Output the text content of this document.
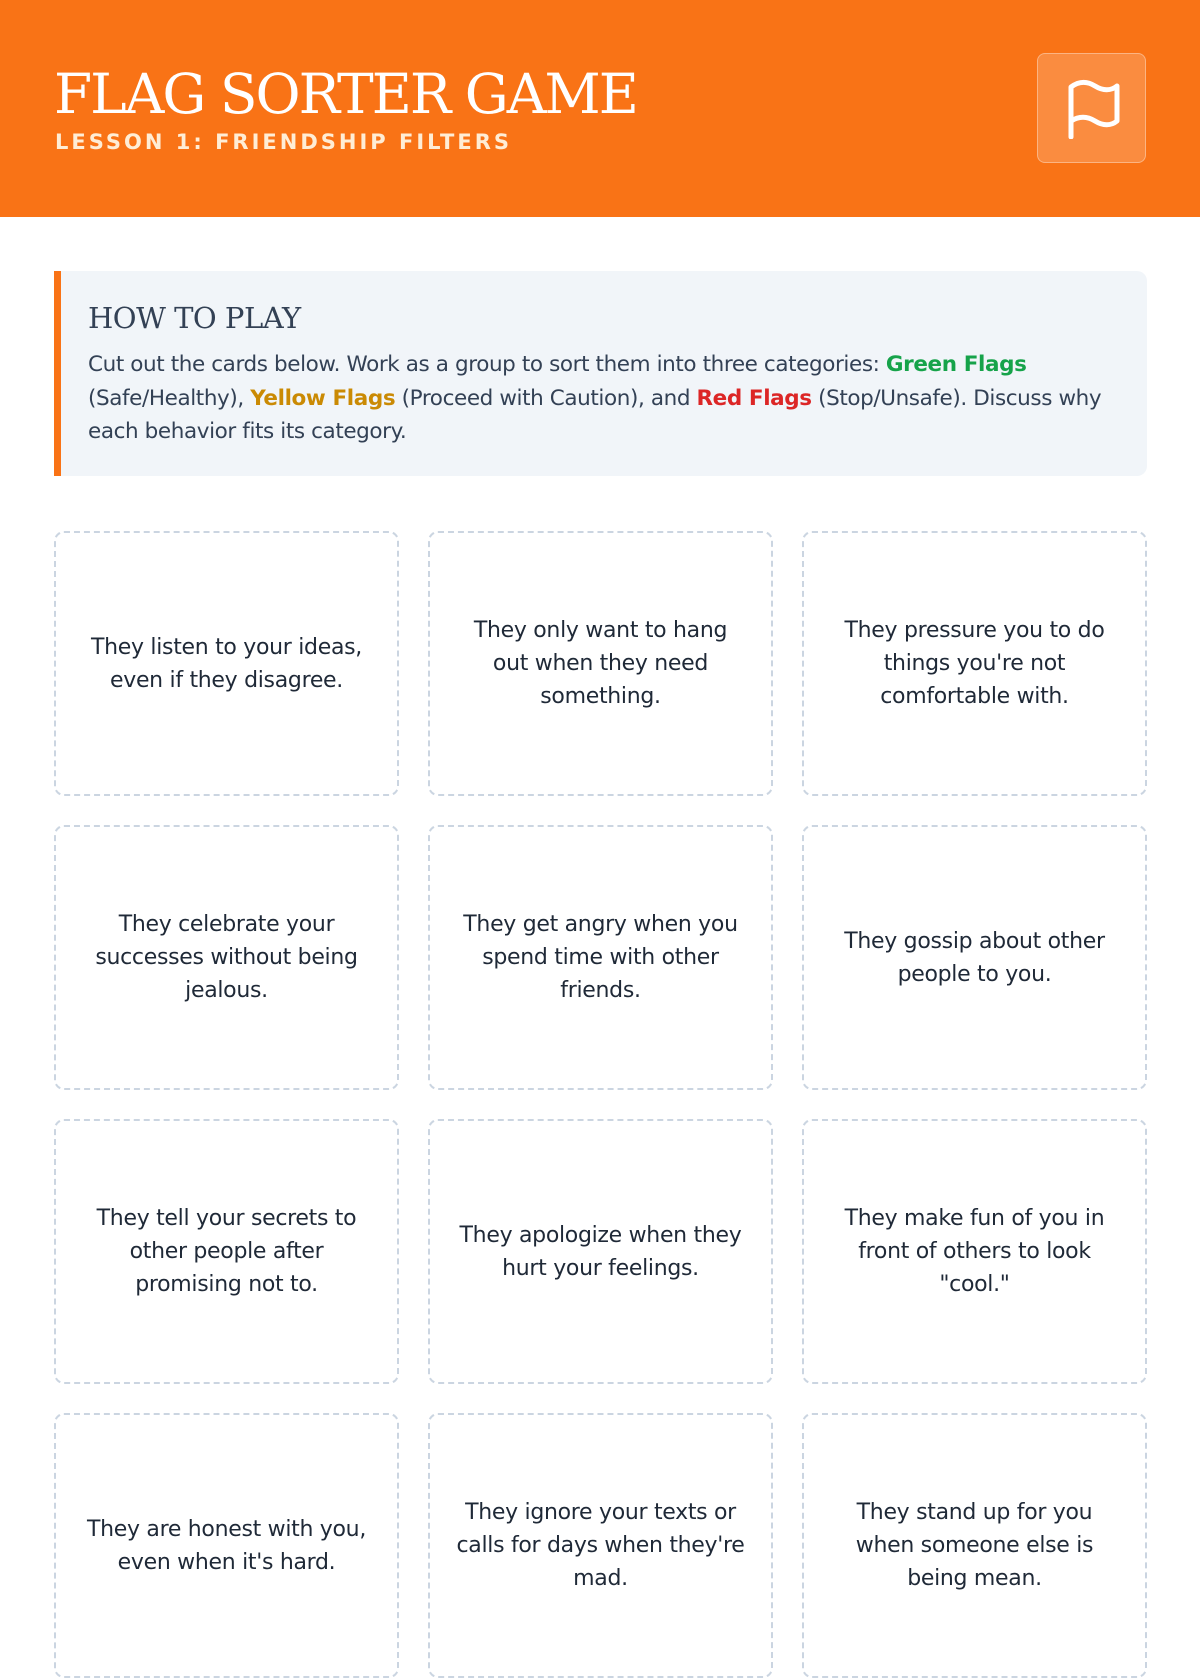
FLAG SORTER GAME
LESSON 1: FRIENDSHIP FILTERS
HOW TO PLAY

Cut out the cards below. Work as a group to sort them into three categories: Green Flags (Safe/Healthy), Yellow Flags (Proceed with Caution), and Red Flags (Stop/Unsafe). Discuss why each behavior fits its category.

They listen to your ideas, even if they disagree.
They only want to hang out when they need something.
They pressure you to do things you're not comfortable with.
They celebrate your successes without being jealous.
They get angry when you spend time with other friends.
They gossip about other people to you.
They tell your secrets to other people after promising not to.
They apologize when they hurt your feelings.
They make fun of you in front of others to look "cool."
They are honest with you, even when it's hard.
They ignore your texts or calls for days when they're mad.
They stand up for you when someone else is being mean.
